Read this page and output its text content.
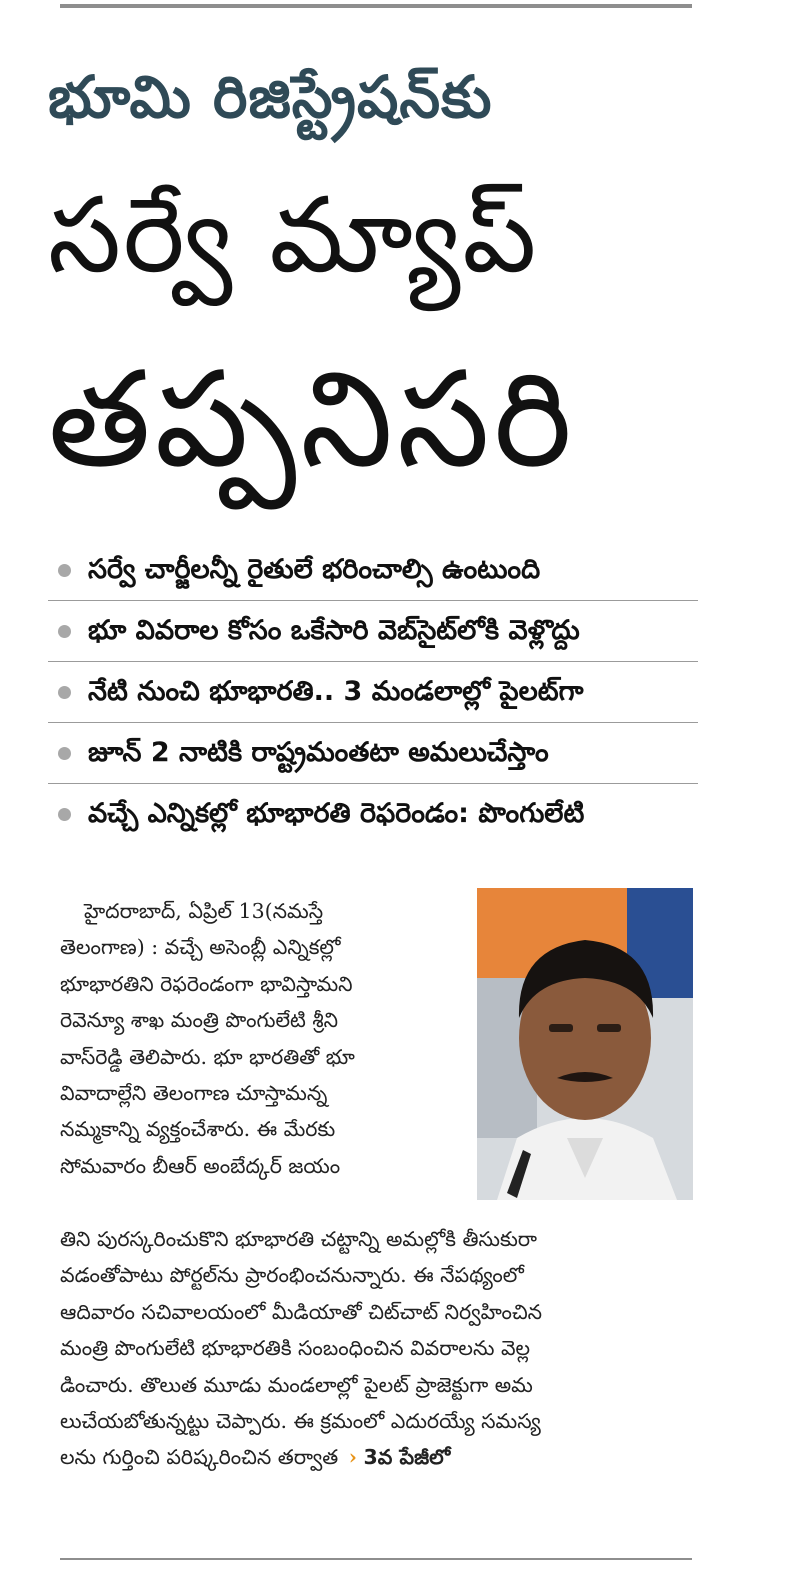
భూమి రిజిస్ట్రేషన్‌కు
సర్వే మ్యాప్
తప్పనిసరి
సర్వే చార్జీలన్నీ రైతులే భరించాల్సి ఉంటుంది
భూ వివరాల కోసం ఒకేసారి వెబ్‌సైట్‌లోకి వెళ్లొద్దు
నేటి నుంచి భూభారతి.. 3 మండలాల్లో పైలట్‌గా
జూన్ 2 నాటికి రాష్ట్రమంతటా అమలుచేస్తాం
వచ్చే ఎన్నికల్లో భూభారతి రెఫరెండం: పొంగులేటి
హైదరాబాద్, ఏప్రిల్ 13(నమస్తే
తెలంగాణ) : వచ్చే అసెంబ్లీ ఎన్నికల్లో
భూభారతిని రెఫరెండంగా భావిస్తామని
రెవెన్యూ శాఖ మంత్రి పొంగులేటి శ్రీని
వాస్‌రెడ్డి తెలిపారు. భూ భారతితో భూ
వివాదాల్లేని తెలంగాణ చూస్తామన్న
నమ్మకాన్ని వ్యక్తంచేశారు. ఈ మేరకు
సోమవారం బీఆర్ అంబేద్కర్ జయం
తిని పురస్కరించుకొని భూభారతి చట్టాన్ని అమల్లోకి తీసుకురా
వడంతోపాటు పోర్టల్‌ను ప్రారంభించనున్నారు. ఈ నేపథ్యంలో
ఆదివారం సచివాలయంలో మీడియాతో చిట్‌చాట్ నిర్వహించిన
మంత్రి పొంగులేటి భూభారతికి సంబంధించిన వివరాలను వెల్ల
డించారు. తొలుత మూడు మండలాల్లో పైలట్ ప్రాజెక్టుగా అమ
లుచేయబోతున్నట్టు చెప్పారు. ఈ క్రమంలో ఎదురయ్యే సమస్య
లను గుర్తించి పరిష్కరించిన తర్వాత › 3వ పేజీలో
